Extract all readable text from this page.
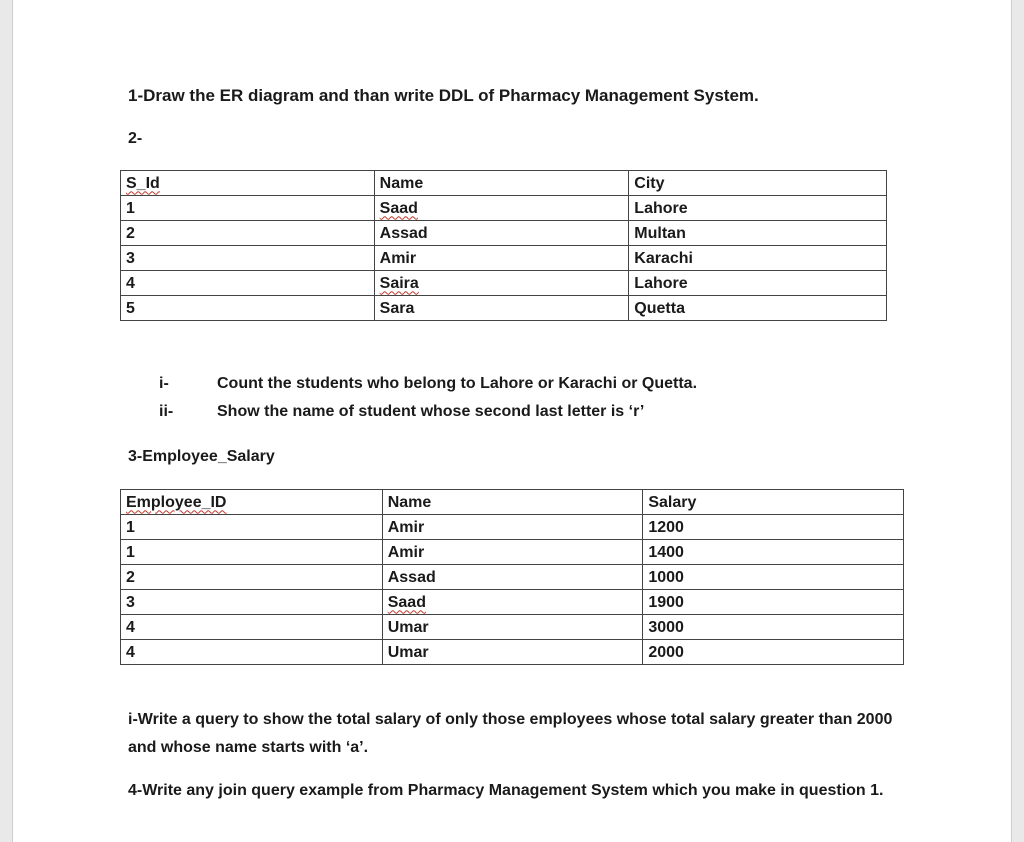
1-Draw the ER diagram and than write DDL of Pharmacy Management System.
2-
S_Id	Name	City
1	Saad	Lahore
2	Assad	Multan
3	Amir	Karachi
4	Saira	Lahore
5	Sara	Quetta
i-	Count the students who belong to Lahore or Karachi or Quetta.
ii-	Show the name of student whose second last letter is ‘r’
3-Employee_Salary
Employee_ID	Name	Salary
1	Amir	1200
1	Amir	1400
2	Assad	1000
3	Saad	1900
4	Umar	3000
4	Umar	2000
i-Write a query to show the total salary of only those employees whose total salary greater than 2000 and whose name starts with ‘a’.
4-Write any join query example from Pharmacy Management System which you make in question 1.
